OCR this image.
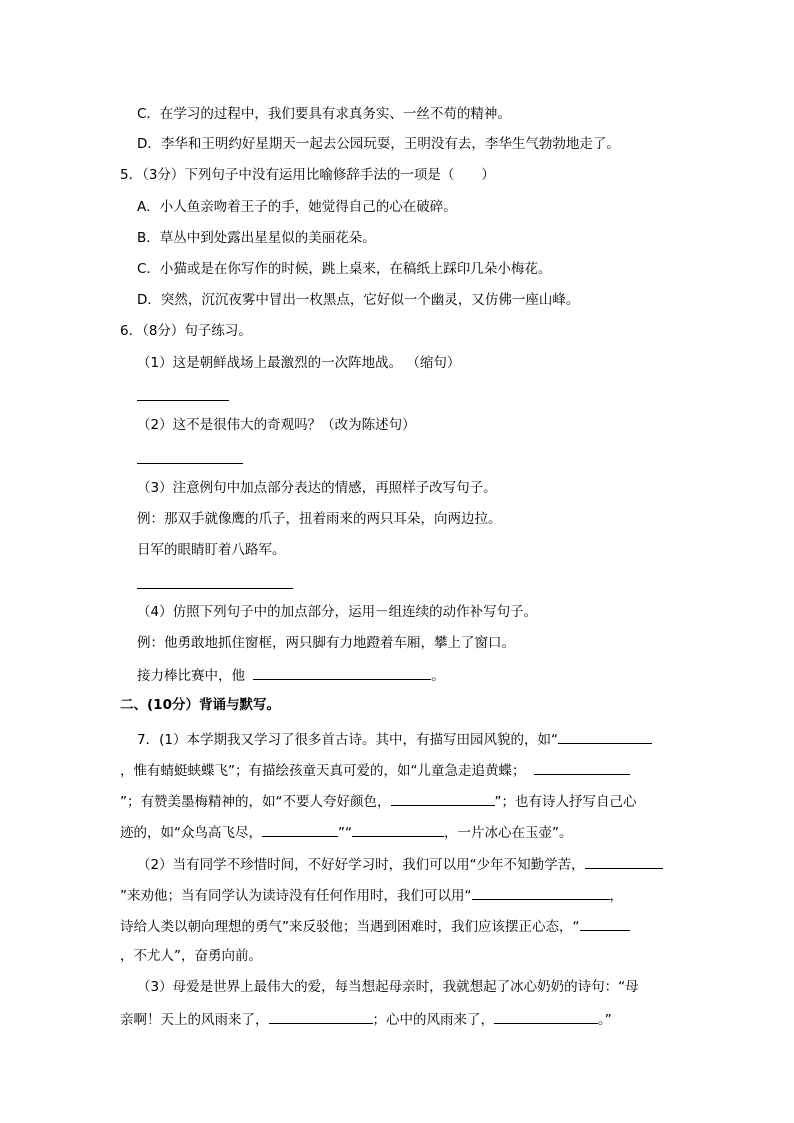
C．在学习的过程中，我们要具有求真务实、一丝不苟的精神。
D．李华和王明约好星期天一起去公园玩耍，王明没有去，李华生气勃勃地走了。
5．（3分）下列句子中没有运用比喻修辞手法的一项是（　　）
A．小人鱼亲吻着王子的手，她觉得自己的心在破碎。
B．草丛中到处露出星星似的美丽花朵。
C．小猫或是在你写作的时候，跳上桌来，在稿纸上踩印几朵小梅花。
D．突然，沉沉夜雾中冒出一枚黑点，它好似一个幽灵，又仿佛一座山峰。
6．（8分）句子练习。
（1）这是朝鲜战场上最激烈的一次阵地战。 （缩句）
（2）这不是很伟大的奇观吗？（改为陈述句）
（3）注意例句中加点部分表达的情感，再照样子改写句子。
例：那双手就像鹰的爪子，扭着雨来的两只耳朵，向两边拉。
日军的眼睛盯着八路军。
（4）仿照下列句子中的加点部分，运用－组连续的动作补写句子。
例：他勇敢地抓住窗框，两只脚有力地蹬着车厢，攀上了窗口。
接力棒比赛中，他	。
二、(10分）背诵与默写。
7．(1）本学期我又学习了很多首古诗。其中，有描写田园风貌的，如“
，惟有蜻蜓蛱蝶飞”；有描绘孩童天真可爱的，如“儿童急走追黄蝶；
”；有赞美墨梅精神的，如“不要人夸好颜色，	”；也有诗人抒写自己心
迹的，如“众鸟高飞尽，	”“	，一片冰心在玉壶”。
（2）当有同学不珍惜时间，不好好学习时，我们可以用“少年不知勤学苦，
”来劝他；当有同学认为读诗没有任何作用时，我们可以用“	，
诗给人类以朝向理想的勇气”来反驳他；当遇到困难时，我们应该摆正心态，“
，不尤人”，奋勇向前。
（3）母爱是世界上最伟大的爱，每当想起母亲时，我就想起了冰心奶奶的诗句：“母
亲啊！天上的风雨来了，	；心中的风雨来了，	。”
